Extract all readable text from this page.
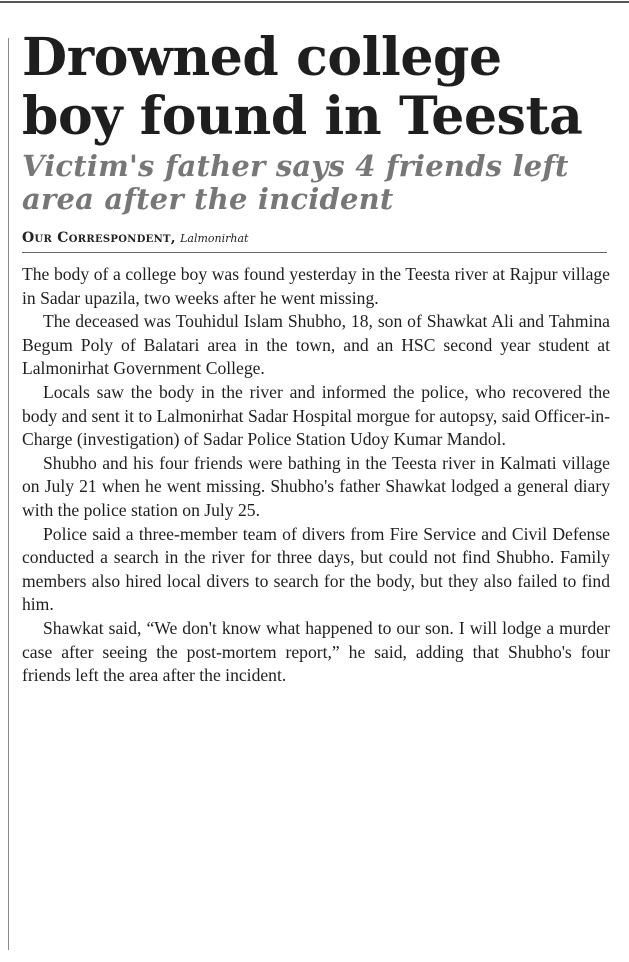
Drowned college boy found in Teesta
Victim's father says 4 friends left area after the incident
Our Correspondent, Lalmonirhat

The body of a college boy was found yesterday in the Teesta river at Rajpur village in Sadar upazila, two weeks after he went missing.

The deceased was Touhidul Islam Shubho, 18, son of Shawkat Ali and Tahmina Begum Poly of Balatari area in the town, and an HSC second year student at Lalmonirhat Government College.

Locals saw the body in the river and informed the police, who recovered the body and sent it to Lalmonirhat Sadar Hospital morgue for autopsy, said Officer-in-Charge (investigation) of Sadar Police Station Udoy Kumar Mandol.

Shubho and his four friends were bathing in the Teesta river in Kalmati village on July 21 when he went missing. Shubho's father Shawkat lodged a general diary with the police station on July 25.

Police said a three-member team of divers from Fire Service and Civil Defense conducted a search in the river for three days, but could not find Shubho. Family members also hired local divers to search for the body, but they also failed to find him.

Shawkat said, “We don't know what happened to our son. I will lodge a murder case after seeing the post-mortem report,” he said, adding that Shubho's four friends left the area after the incident.
